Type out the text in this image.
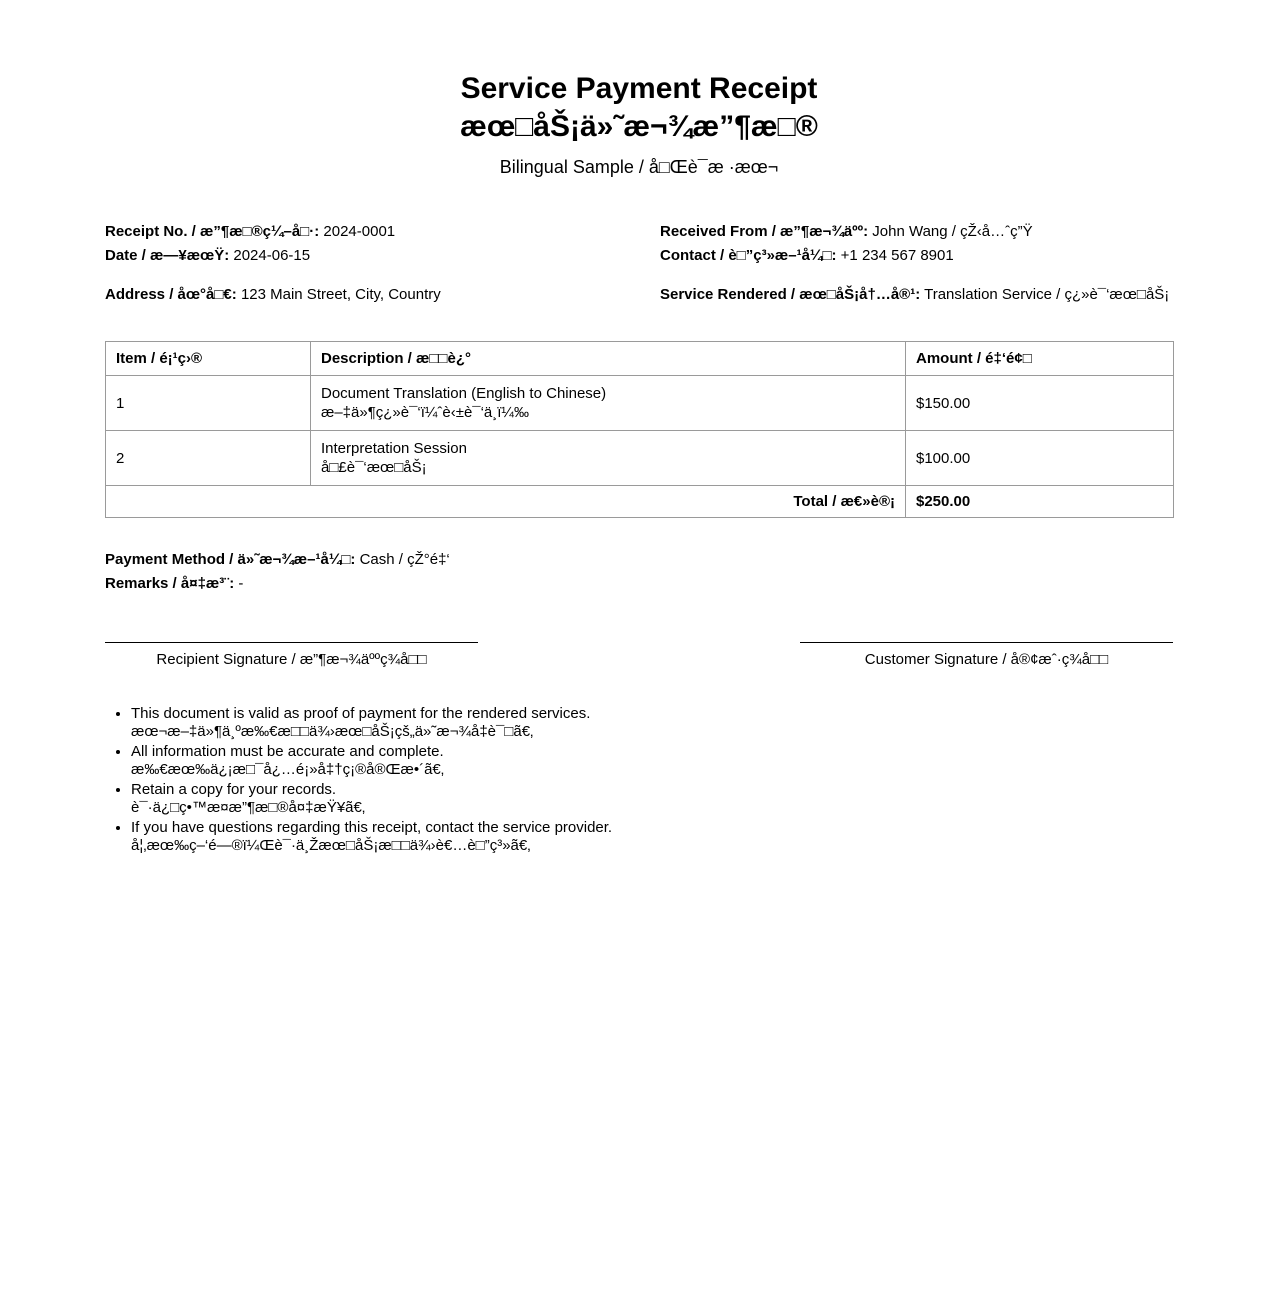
Service Payment Receipt
æœ□åŠ¡ä»˜æ¬¾æ”¶æ□®
Bilingual Sample / å□Œè¯æ ·æœ¬
Receipt No. / æ”¶æ□®ç¼–å□·: 2024-0001
Date / æ—¥æœŸ: 2024-06-15
Address / åœ°å□€: 123 Main Street, City, Country
Received From / æ”¶æ¬¾äºº: John Wang / çŽ‹å…ˆç”Ÿ
Contact / è□”ç³»æ–¹å¼□: +1 234 567 8901
Service Rendered / æœ□åŠ¡å†…å®¹: Translation Service / ç¿»è¯‘æœ□åŠ¡
Item / é¡¹ç›®	Description / æ□□è¿°	Amount / é‡‘é¢□
1	Document Translation (English to Chinese)
æ–‡ä»¶ç¿»è¯‘ï¼ˆè‹±è¯‘ä¸ï¼‰	$150.00
2	Interpretation Session
å□£è¯‘æœ□åŠ¡	$100.00
Total / æ€»è®¡		$250.00
Payment Method / ä»˜æ¬¾æ–¹å¼□: Cash / çŽ°é‡‘
Remarks / å¤‡æ³¨: -
Recipient Signature / æ”¶æ¬¾äººç¾å□□	Customer Signature / å®¢æˆ·ç¾å□□
• This document is valid as proof of payment for the rendered services.
æœ¬æ–‡ä»¶ä¸ºæ‰€æ□□ä¾›æœ□åŠ¡çš„ä»˜æ¬¾å‡è¯□ã€‚
• All information must be accurate and complete.
æ‰€æœ‰ä¿¡æ□¯å¿…é¡»å‡†ç¡®å®Œæ•´ã€‚
• Retain a copy for your records.
è¯·ä¿□ç•™æ¤æ”¶æ□®å¤‡æŸ¥ã€‚
• If you have questions regarding this receipt, contact the service provider.
å¦‚æœ‰ç–‘é—®ï¼Œè¯·ä¸Žæœ□åŠ¡æ□□ä¾›è€…è□”ç³»ã€‚
